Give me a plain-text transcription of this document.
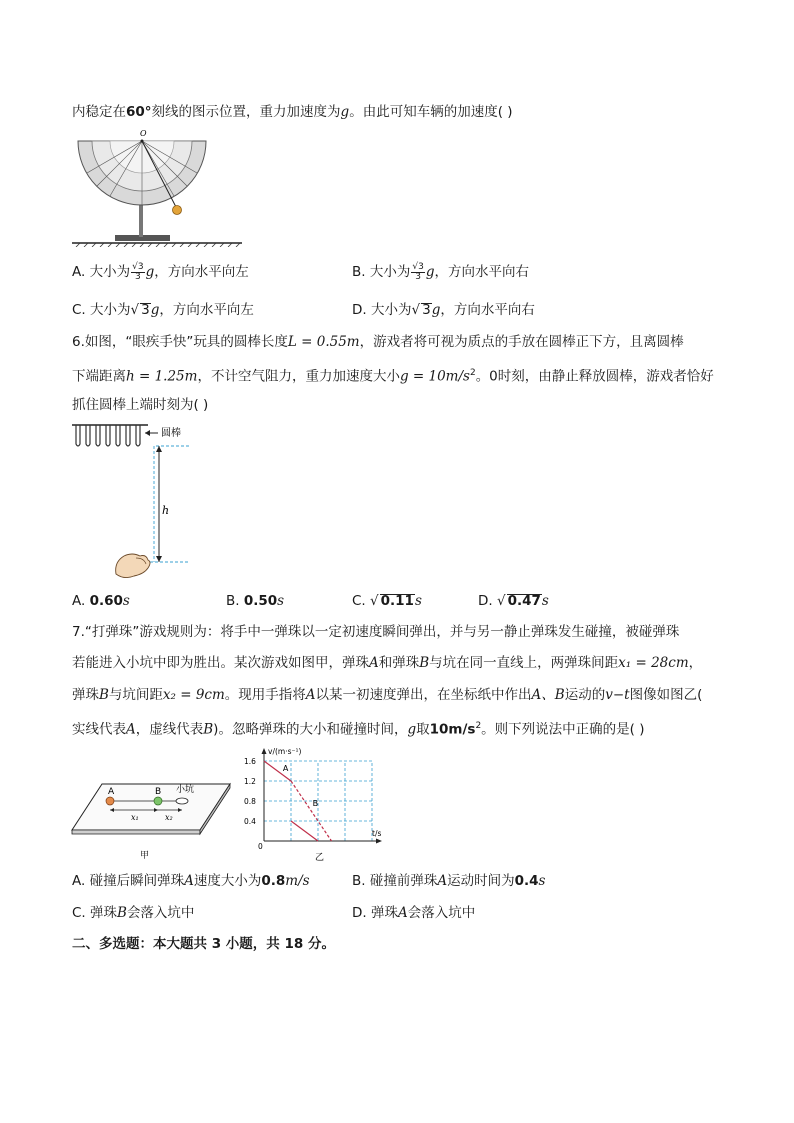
内稳定在60°刻线的图示位置，重力加速度为g。由此可知车辆的加速度( )
O
A. 大小为 $\frac{√3}{3}$ g，方向水平向左	B. 大小为 $\frac{√3}{3}$ g，方向水平向右
C. 大小为√ 3g，方向水平向左	D. 大小为√ 3g，方向水平向右
6.如图，“眼疾手快”玩具的圆棒长度L = 0.55m，游戏者将可视为质点的手放在圆棒正下方，且离圆棒
下端距离h = 1.25m，不计空气阻力，重力加速度大小$g = 10m/s^2$。0时刻，由静止释放圆棒，游戏者恰好
抓住圆棒上端时刻为( )
圆棒
h
A. 0.60s	B. 0.50s	C. √ 0.11s	D. √ 0.47s
7.“打弹珠”游戏规则为：将手中一弹珠以一定初速度瞬间弹出，并与另一静止弹珠发生碰撞，被碰弹珠
若能进入小坑中即为胜出。某次游戏如图甲，弹珠A和弹珠B与坑在同一直线上，两弹珠间距x₁ = 28cm，
弹珠B与坑间距x₂ = 9cm。现用手指将A以某一初速度弹出，在坐标纸中作出A、B运动的v−t图像如图乙(
实线代表A，虚线代表B)。忽略弹珠的大小和碰撞时间，g取$10m/s^2$。则下列说法中正确的是( )
A	B 小坑
x₁	x₂
甲
v/(m·s⁻¹)
t/s
0
0.4
0.8
1.2
1.6
A
B
乙
A. 碰撞后瞬间弹珠A速度大小为0.8m/s	B. 碰撞前弹珠A运动时间为0.4s
C. 弹珠B会落入坑中	D. 弹珠A会落入坑中
二、多选题：本大题共 3 小题，共 18 分。
